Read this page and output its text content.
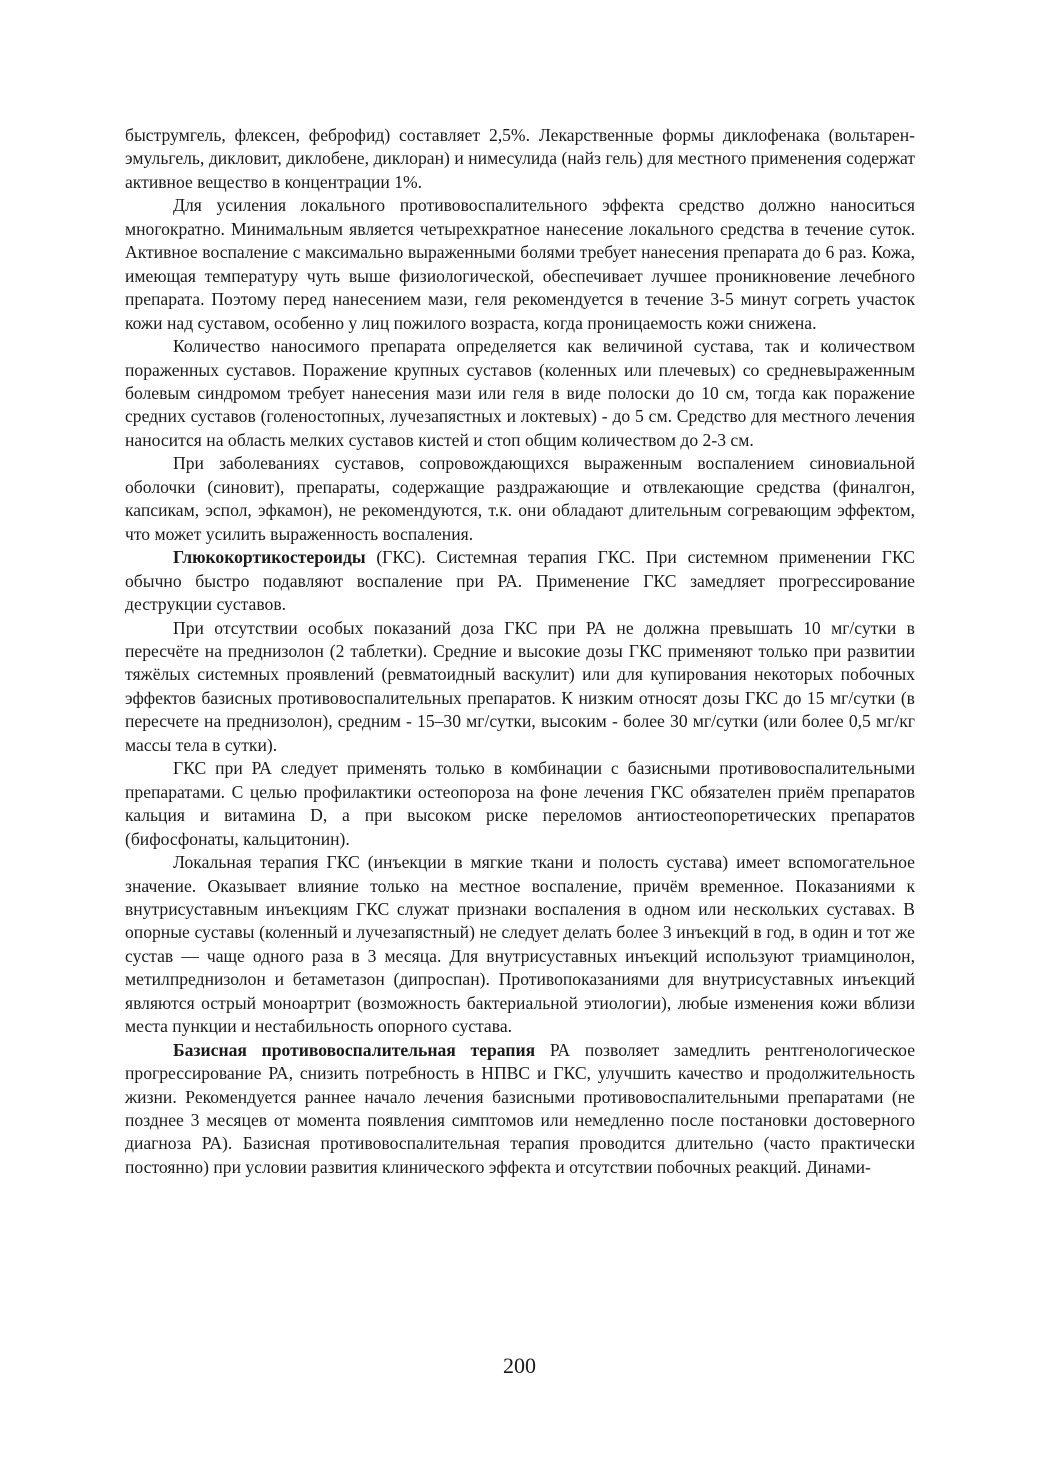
быструмгель, флексен, феброфид) составляет 2,5%. Лекарственные формы диклофенака (вольтарен-эмульгель, дикловит, диклобене, диклоран) и нимесулида (найз гель) для местного применения содержат активное вещество в концентрации 1%.

Для усиления локального противовоспалительного эффекта средство должно наноситься многократно. Минимальным является четырехкратное нанесение локального средства в течение суток. Активное воспаление с максимально выраженными болями требует нанесения препарата до 6 раз. Кожа, имеющая температуру чуть выше физиологической, обеспечивает лучшее проникновение лечебного препарата. Поэтому перед нанесением мази, геля рекомендуется в течение 3-5 минут согреть участок кожи над суставом, особенно у лиц пожилого возраста, когда проницаемость кожи снижена.

Количество наносимого препарата определяется как величиной сустава, так и количеством пораженных суставов. Поражение крупных суставов (коленных или плечевых) со средневыраженным болевым синдромом требует нанесения мази или геля в виде полоски до 10 см, тогда как поражение средних суставов (голеностопных, лучезапястных и локтевых) - до 5 см. Средство для местного лечения наносится на область мелких суставов кистей и стоп общим количеством до 2-3 см.

При заболеваниях суставов, сопровождающихся выраженным воспалением синовиальной оболочки (синовит), препараты, содержащие раздражающие и отвлекающие средства (финалгон, капсикам, эспол, эфкамон), не рекомендуются, т.к. они обладают длительным согревающим эффектом, что может усилить выраженность воспаления.

Глюкокортикостероиды (ГКС). Системная терапия ГКС. При системном применении ГКС обычно быстро подавляют воспаление при РА. Применение ГКС замедляет прогрессирование деструкции суставов.

При отсутствии особых показаний доза ГКС при РА не должна превышать 10 мг/сутки в пересчёте на преднизолон (2 таблетки). Средние и высокие дозы ГКС применяют только при развитии тяжёлых системных проявлений (ревматоидный васкулит) или для купирования некоторых побочных эффектов базисных противовоспалительных препаратов. К низким относят дозы ГКС до 15 мг/сутки (в пересчете на преднизолон), средним - 15–30 мг/сутки, высоким - более 30 мг/сутки (или более 0,5 мг/кг массы тела в сутки).

ГКС при РА следует применять только в комбинации с базисными противовоспалительными препаратами. С целью профилактики остеопороза на фоне лечения ГКС обязателен приём препаратов кальция и витамина D, а при высоком риске переломов антиостеопоретических препаратов (бифосфонаты, кальцитонин).

Локальная терапия ГКС (инъекции в мягкие ткани и полость сустава) имеет вспомогательное значение. Оказывает влияние только на местное воспаление, причём временное. Показаниями к внутрисуставным инъекциям ГКС служат признаки воспаления в одном или нескольких суставах. В опорные суставы (коленный и лучезапястный) не следует делать более 3 инъекций в год, в один и тот же сустав — чаще одного раза в 3 месяца. Для внутрисуставных инъекций используют триамцинолон, метилпреднизолон и бетаметазон (дипроспан). Противопоказаниями для внутрисуставных инъекций являются острый моноартрит (возможность бактериальной этиологии), любые изменения кожи вблизи места пункции и нестабильность опорного сустава.

Базисная противовоспалительная терапия РА позволяет замедлить рентгенологическое прогрессирование РА, снизить потребность в НПВС и ГКС, улучшить качество и продолжительность жизни. Рекомендуется раннее начало лечения базисными противовоспалительными препаратами (не позднее 3 месяцев от момента появления симптомов или немедленно после постановки достоверного диагноза РА). Базисная противовоспалительная терапия проводится длительно (часто практически постоянно) при условии развития клинического эффекта и отсутствии побочных реакций. Динами-

200
